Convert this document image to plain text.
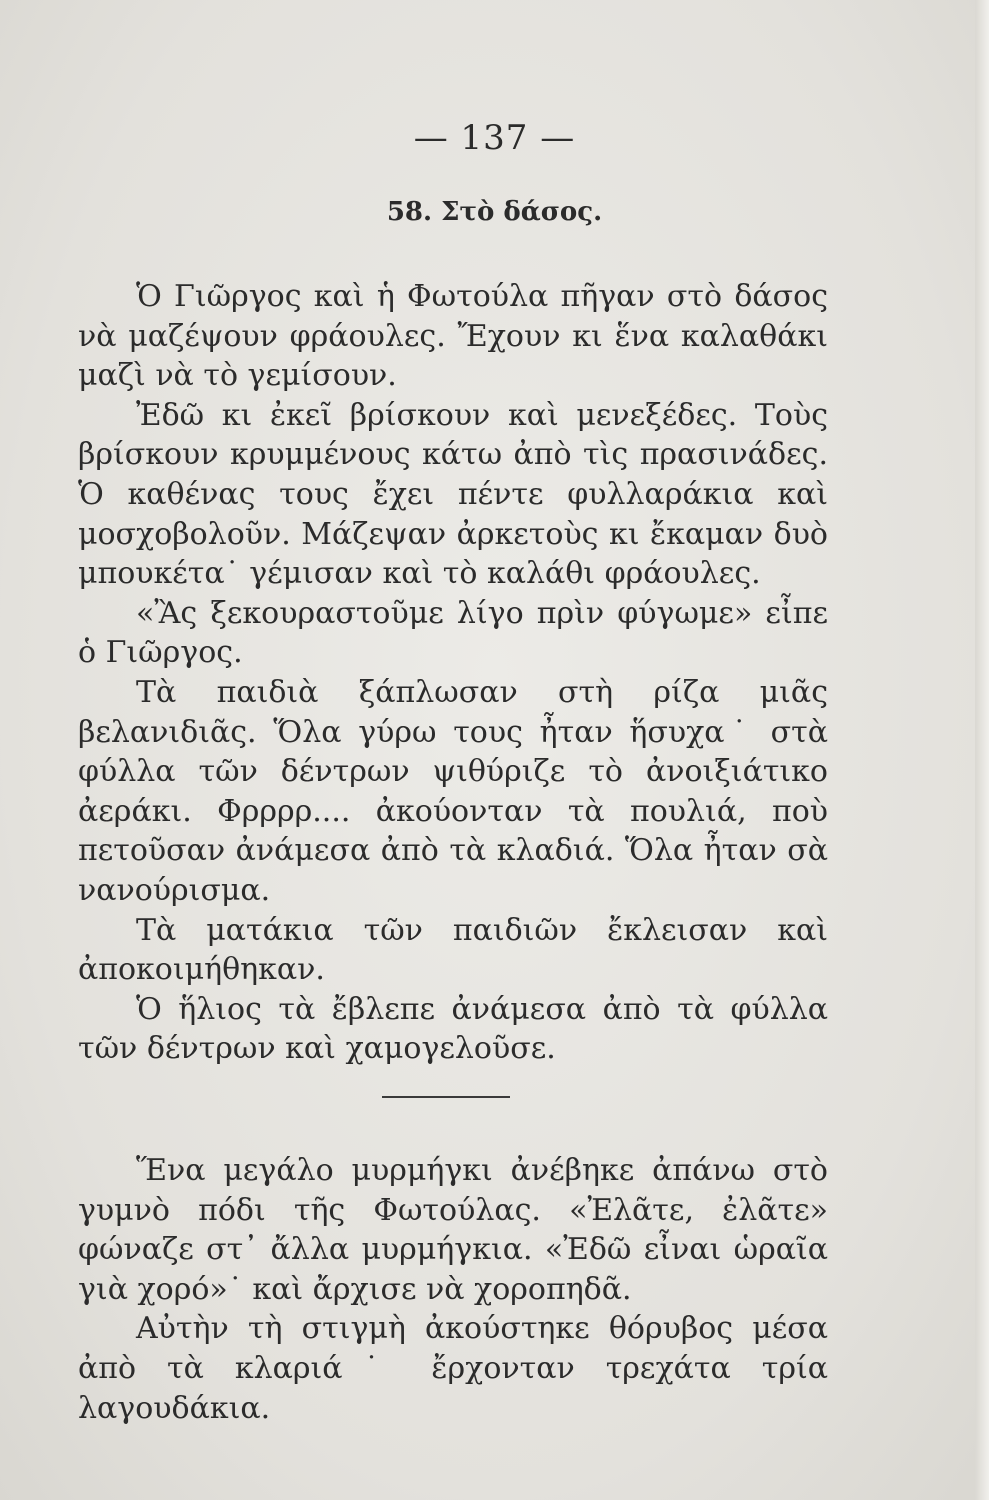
— 137 —
58. Στὸ δάσος.

Ὁ Γιῶργος καὶ ἡ Φωτούλα πῆγαν στὸ δάσος νὰ μαζέψουν φράουλες. Ἔχουν κι ἕνα καλαθάκι μαζὶ νὰ τὸ γεμίσουν.

Ἐδῶ κι ἐκεῖ βρίσκουν καὶ μενεξέδες. Τοὺς βρίσκουν κρυμμένους κάτω ἀπὸ τὶς πρασινάδες. Ὁ καθένας τους ἔχει πέντε φυλλαράκια καὶ μοσχοβολοῦν. Μάζεψαν ἀρκετοὺς κι ἔκαμαν δυὸ μπουκέτα˙ γέμισαν καὶ τὸ καλάθι φράουλες.

«Ἂς ξεκουραστοῦμε λίγο πρὶν φύγωμε» εἶπε ὁ Γιῶργος.

Τὰ παιδιὰ ξάπλωσαν στὴ ρίζα μιᾶς βελανιδιᾶς. Ὅλα γύρω τους ἦταν ἥσυχα˙ στὰ φύλλα τῶν δέντρων ψιθύριζε τὸ ἀνοιξιάτικο ἀεράκι. Φρρρρ.... ἀκούονταν τὰ πουλιά, ποὺ πετοῦσαν ἀνάμεσα ἀπὸ τὰ κλαδιά. Ὅλα ἦταν σὰ νανούρισμα.

Τὰ ματάκια τῶν παιδιῶν ἔκλεισαν καὶ ἀποκοιμήθηκαν.

Ὁ ἥλιος τὰ ἔβλεπε ἀνάμεσα ἀπὸ τὰ φύλλα τῶν δέντρων καὶ χαμογελοῦσε.

Ἕνα μεγάλο μυρμήγκι ἀνέβηκε ἀπάνω στὸ γυμνὸ πόδι τῆς Φωτούλας. «Ἐλᾶτε, ἐλᾶτε» φώναζε στ᾽ ἄλλα μυρμήγκια. «Ἐδῶ εἶναι ὡραῖα γιὰ χορό»˙ καὶ ἄρχισε νὰ χοροπηδᾶ.

Αὐτὴν τὴ στιγμὴ ἀκούστηκε θόρυβος μέσα ἀπὸ τὰ κλαριά˙ ἔρχονταν τρεχάτα τρία λαγουδάκια.
